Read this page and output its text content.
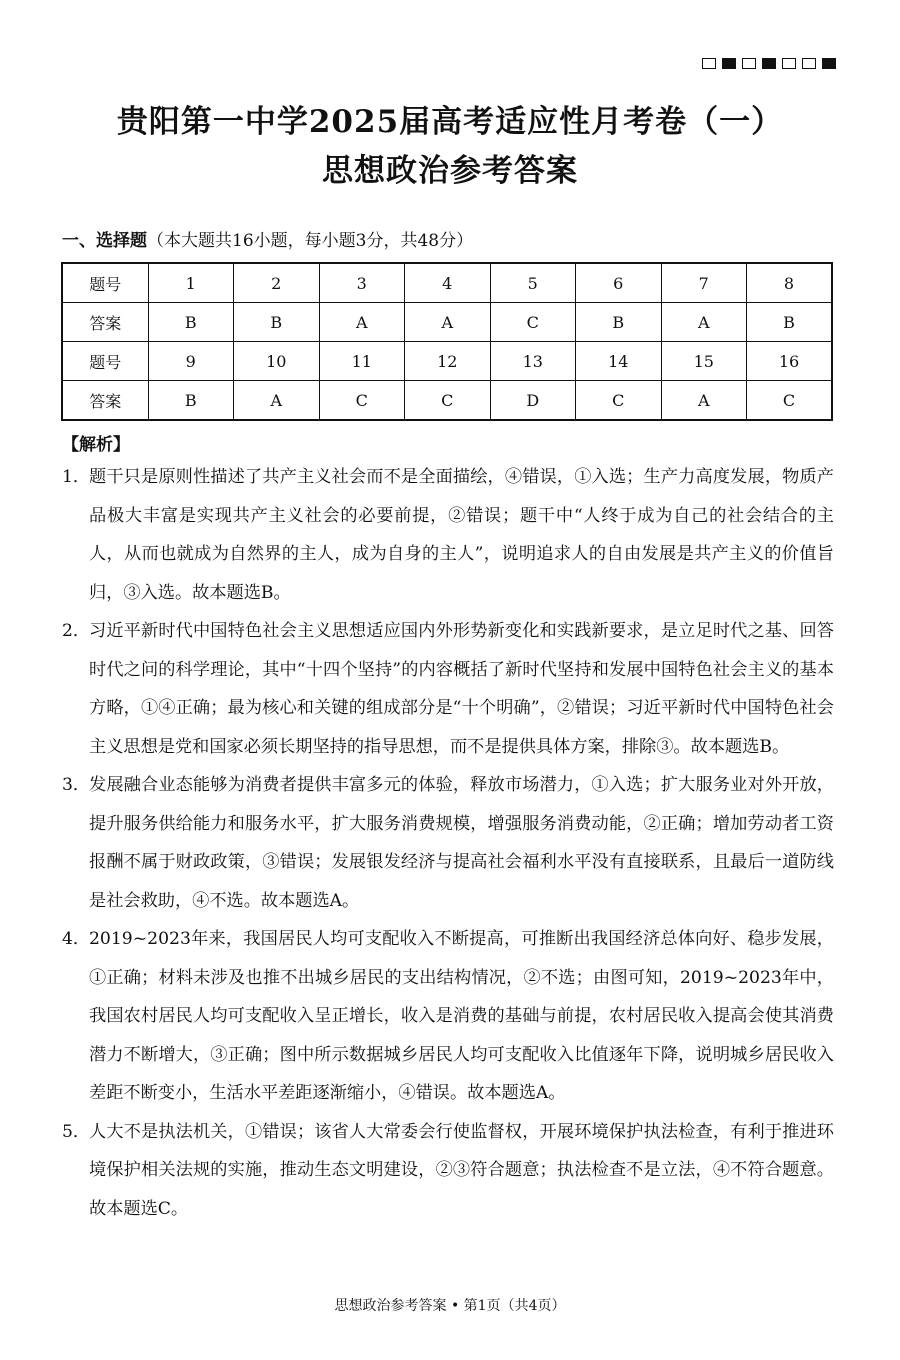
贵阳第一中学2025届高考适应性月考卷（一）
思想政治参考答案
一、选择题（本大题共16小题，每小题3分，共48分）
题号	1	2	3	4	5	6	7	8
答案	B	B	A	A	C	B	A	B
题号	9	10	11	12	13	14	15	16
答案	B	A	C	C	D	C	A	C
【解析】
1．
题干只是原则性描述了共产主义社会而不是全面描绘，④错误，①入选；生产力高度发展，物质产品极大丰富是实现共产主义社会的必要前提，②错误；题干中“人终于成为自己的社会结合的主人，从而也就成为自然界的主人，成为自身的主人”，说明追求人的自由发展是共产主义的价值旨归，③入选。故本题选B。
2．
习近平新时代中国特色社会主义思想适应国内外形势新变化和实践新要求，是立足时代之基、回答时代之问的科学理论，其中“十四个坚持”的内容概括了新时代坚持和发展中国特色社会主义的基本方略，①④正确；最为核心和关键的组成部分是“十个明确”，②错误；习近平新时代中国特色社会主义思想是党和国家必须长期坚持的指导思想，而不是提供具体方案，排除③。故本题选B。
3．
发展融合业态能够为消费者提供丰富多元的体验，释放市场潜力，①入选；扩大服务业对外开放，提升服务供给能力和服务水平，扩大服务消费规模，增强服务消费动能，②正确；增加劳动者工资报酬不属于财政政策，③错误；发展银发经济与提高社会福利水平没有直接联系，且最后一道防线是社会救助，④不选。故本题选A。
4．
2019~2023年来，我国居民人均可支配收入不断提高，可推断出我国经济总体向好、稳步发展，①正确；材料未涉及也推不出城乡居民的支出结构情况，②不选；由图可知，2019~2023年中，我国农村居民人均可支配收入呈正增长，收入是消费的基础与前提，农村居民收入提高会使其消费潜力不断增大，③正确；图中所示数据城乡居民人均可支配收入比值逐年下降，说明城乡居民收入差距不断变小，生活水平差距逐渐缩小，④错误。故本题选A。
5．
人大不是执法机关，①错误；该省人大常委会行使监督权，开展环境保护执法检查，有利于推进环境保护相关法规的实施，推动生态文明建设，②③符合题意；执法检查不是立法，④不符合题意。故本题选C。
思想政治参考答案 • 第1页（共4页）
